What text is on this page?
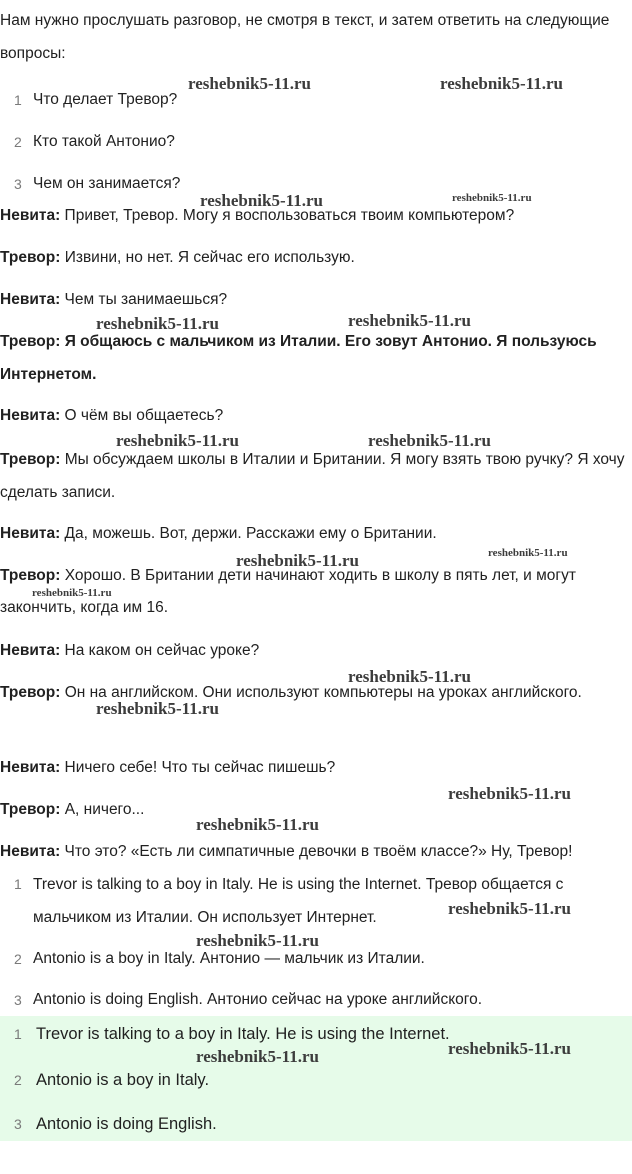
Нам нужно прослушать разговор, не смотря в текст, и затем ответить на следующие вопросы:
1 Что делает Тревор?
2 Кто такой Антонио?
3 Чем он занимается?
Невита: Привет, Тревор. Могу я воспользоваться твоим компьютером?
Тревор: Извини, но нет. Я сейчас его использую.
Невита: Чем ты занимаешься?
Тревор: Я общаюсь с мальчиком из Италии. Его зовут Антонио. Я пользуюсь Интернетом.
Невита: О чём вы общаетесь?
Тревор: Мы обсуждаем школы в Италии и Британии. Я могу взять твою ручку? Я хочу сделать записи.
Невита: Да, можешь. Вот, держи. Расскажи ему о Британии.
Тревор: Хорошо. В Британии дети начинают ходить в школу в пять лет, и могут закончить, когда им 16.
Невита: На каком он сейчас уроке?
Тревор: Он на английском. Они используют компьютеры на уроках английского.
Невита: Ничего себе! Что ты сейчас пишешь?
Тревор: А, ничего...
Невита: Что это? «Есть ли симпатичные девочки в твоём классе?» Ну, Тревор!
1 Trevor is talking to a boy in Italy. He is using the Internet. Тревор общается с мальчиком из Италии. Он использует Интернет.
2 Antonio is a boy in Italy. Антонио — мальчик из Италии.
3 Antonio is doing English. Антонио сейчас на уроке английского.
1 Trevor is talking to a boy in Italy. He is using the Internet.
2 Antonio is a boy in Italy.
3 Antonio is doing English.
reshebnik5-11.ru	reshebnik5-11.ru
reshebnik5-11.ru	reshebnik5-11.ru
reshebnik5-11.ru	reshebnik5-11.ru
reshebnik5-11.ru	reshebnik5-11.ru
reshebnik5-11.ru	reshebnik5-11.ru
reshebnik5-11.ru
reshebnik5-11.ru
reshebnik5-11.ru
reshebnik5-11.ru
reshebnik5-11.ru
reshebnik5-11.ru
reshebnik5-11.ru
reshebnik5-11.ru
reshebnik5-11.ru
